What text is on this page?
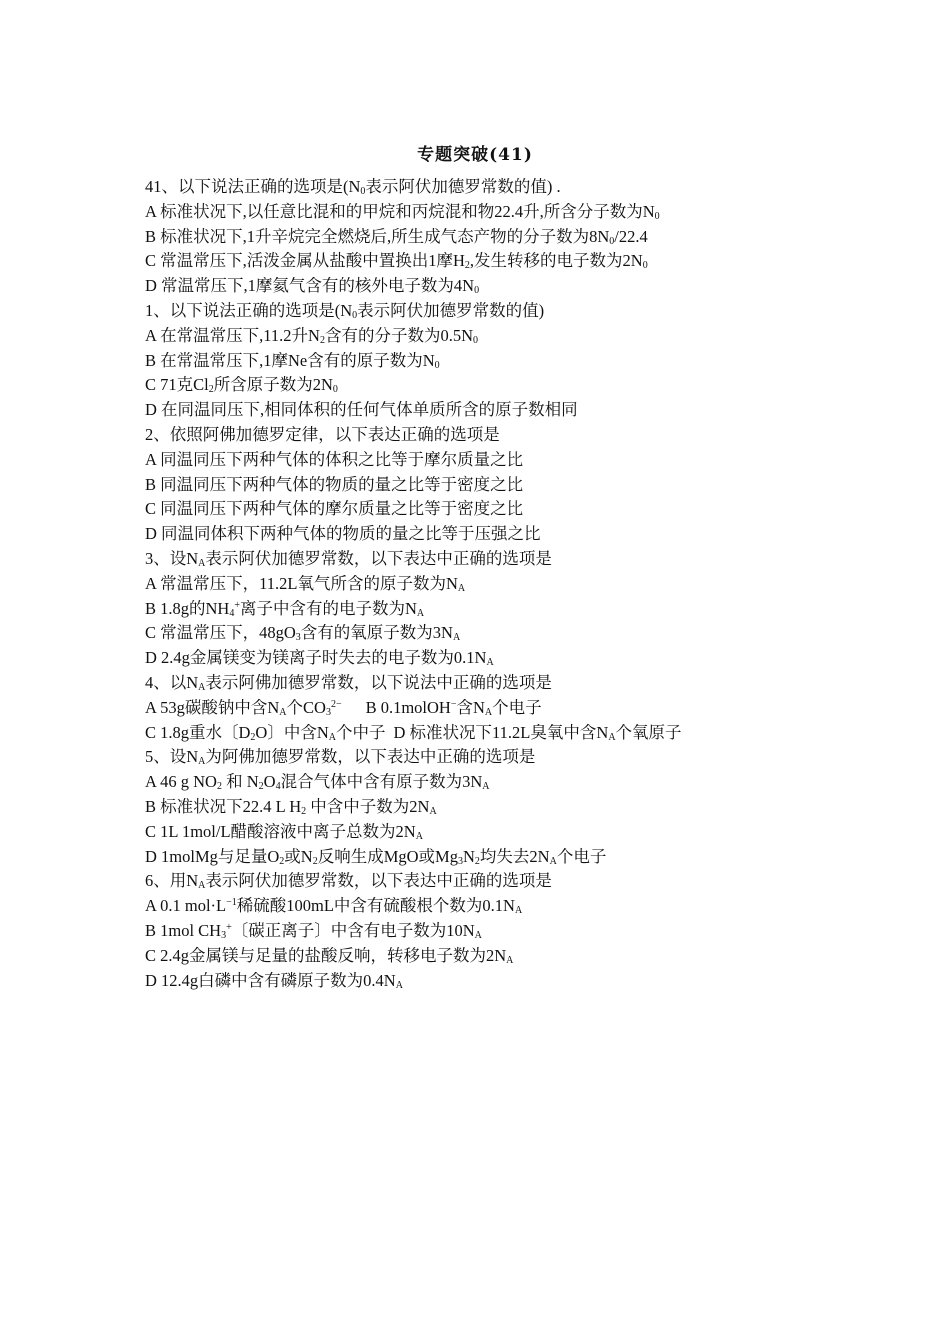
专题突破(41)
41、以下说法正确的选项是($N_0$表示阿伏加德罗常数的值) .
A 标准状况下,以任意比混和的甲烷和丙烷混和物22.4升,所含分子数为$N_0$
B 标准状况下,1升辛烷完全燃烧后,所生成气态产物的分子数为$8N_0/22.4$
C 常温常压下,活泼金属从盐酸中置换出1摩$H_2$,发生转移的电子数为$2N_0$
D 常温常压下,1摩氦气含有的核外电子数为$4N_0$
1、以下说法正确的选项是($N_0$表示阿伏加德罗常数的值)
A 在常温常压下,11.2升$N_2$含有的分子数为$0.5N_0$
B 在常温常压下,1摩Ne含有的原子数为$N_0$
C 71克$Cl_2$所含原子数为$2N_0$
D 在同温同压下,相同体积的任何气体单质所含的原子数相同
2、依照阿佛加德罗定律，以下表达正确的选项是
A 同温同压下两种气体的体积之比等于摩尔质量之比
B 同温同压下两种气体的物质的量之比等于密度之比
C 同温同压下两种气体的摩尔质量之比等于密度之比
D 同温同体积下两种气体的物质的量之比等于压强之比
3、设$N_A$表示阿伏加德罗常数，以下表达中正确的选项是
A 常温常压下，11.2L氧气所含的原子数为$N_A$
B 1.8g的$NH_4^+$离子中含有的电子数为$N_A$
C 常温常压下，$48gO_3$含有的氧原子数为$3N_A$
D 2.4g金属镁变为镁离子时失去的电子数为$0.1N_A$
4、以$N_A$表示阿佛加德罗常数，以下说法中正确的选项是
A 53g碳酸钠中含$N_A$个$CO_3^{2-}$ B 0.1molOH−含$N_A$个电子
C 1.8g重水〔$D_2O$〕中含$N_A$个中子 D 标准状况下11.2L臭氧中含$N_A$个氧原子
5、设$N_A$为阿佛加德罗常数，以下表达中正确的选项是
A 46 g $NO_2$ 和 $N_2O_4$混合气体中含有原子数为$3N_A$
B 标准状况下22.4 L $H_2$ 中含中子数为$2N_A$
C 1L 1mol/L醋酸溶液中离子总数为$2N_A$
D 1molMg与足量$O_2$或$N_2$反响生成MgO或$Mg_3N_2$均失去$2N_A$个电子
6、用$N_A$表示阿伏加德罗常数，以下表达中正确的选项是
A 0.1 $mol\cdot L^{-1}$稀硫酸100mL中含有硫酸根个数为$0.1N_A$
B 1mol $CH_3^+$〔碳正离子〕中含有电子数为$10N_A$
C 2.4g金属镁与足量的盐酸反响，转移电子数为$2N_A$
D 12.4g白磷中含有磷原子数为$0.4N_A$
